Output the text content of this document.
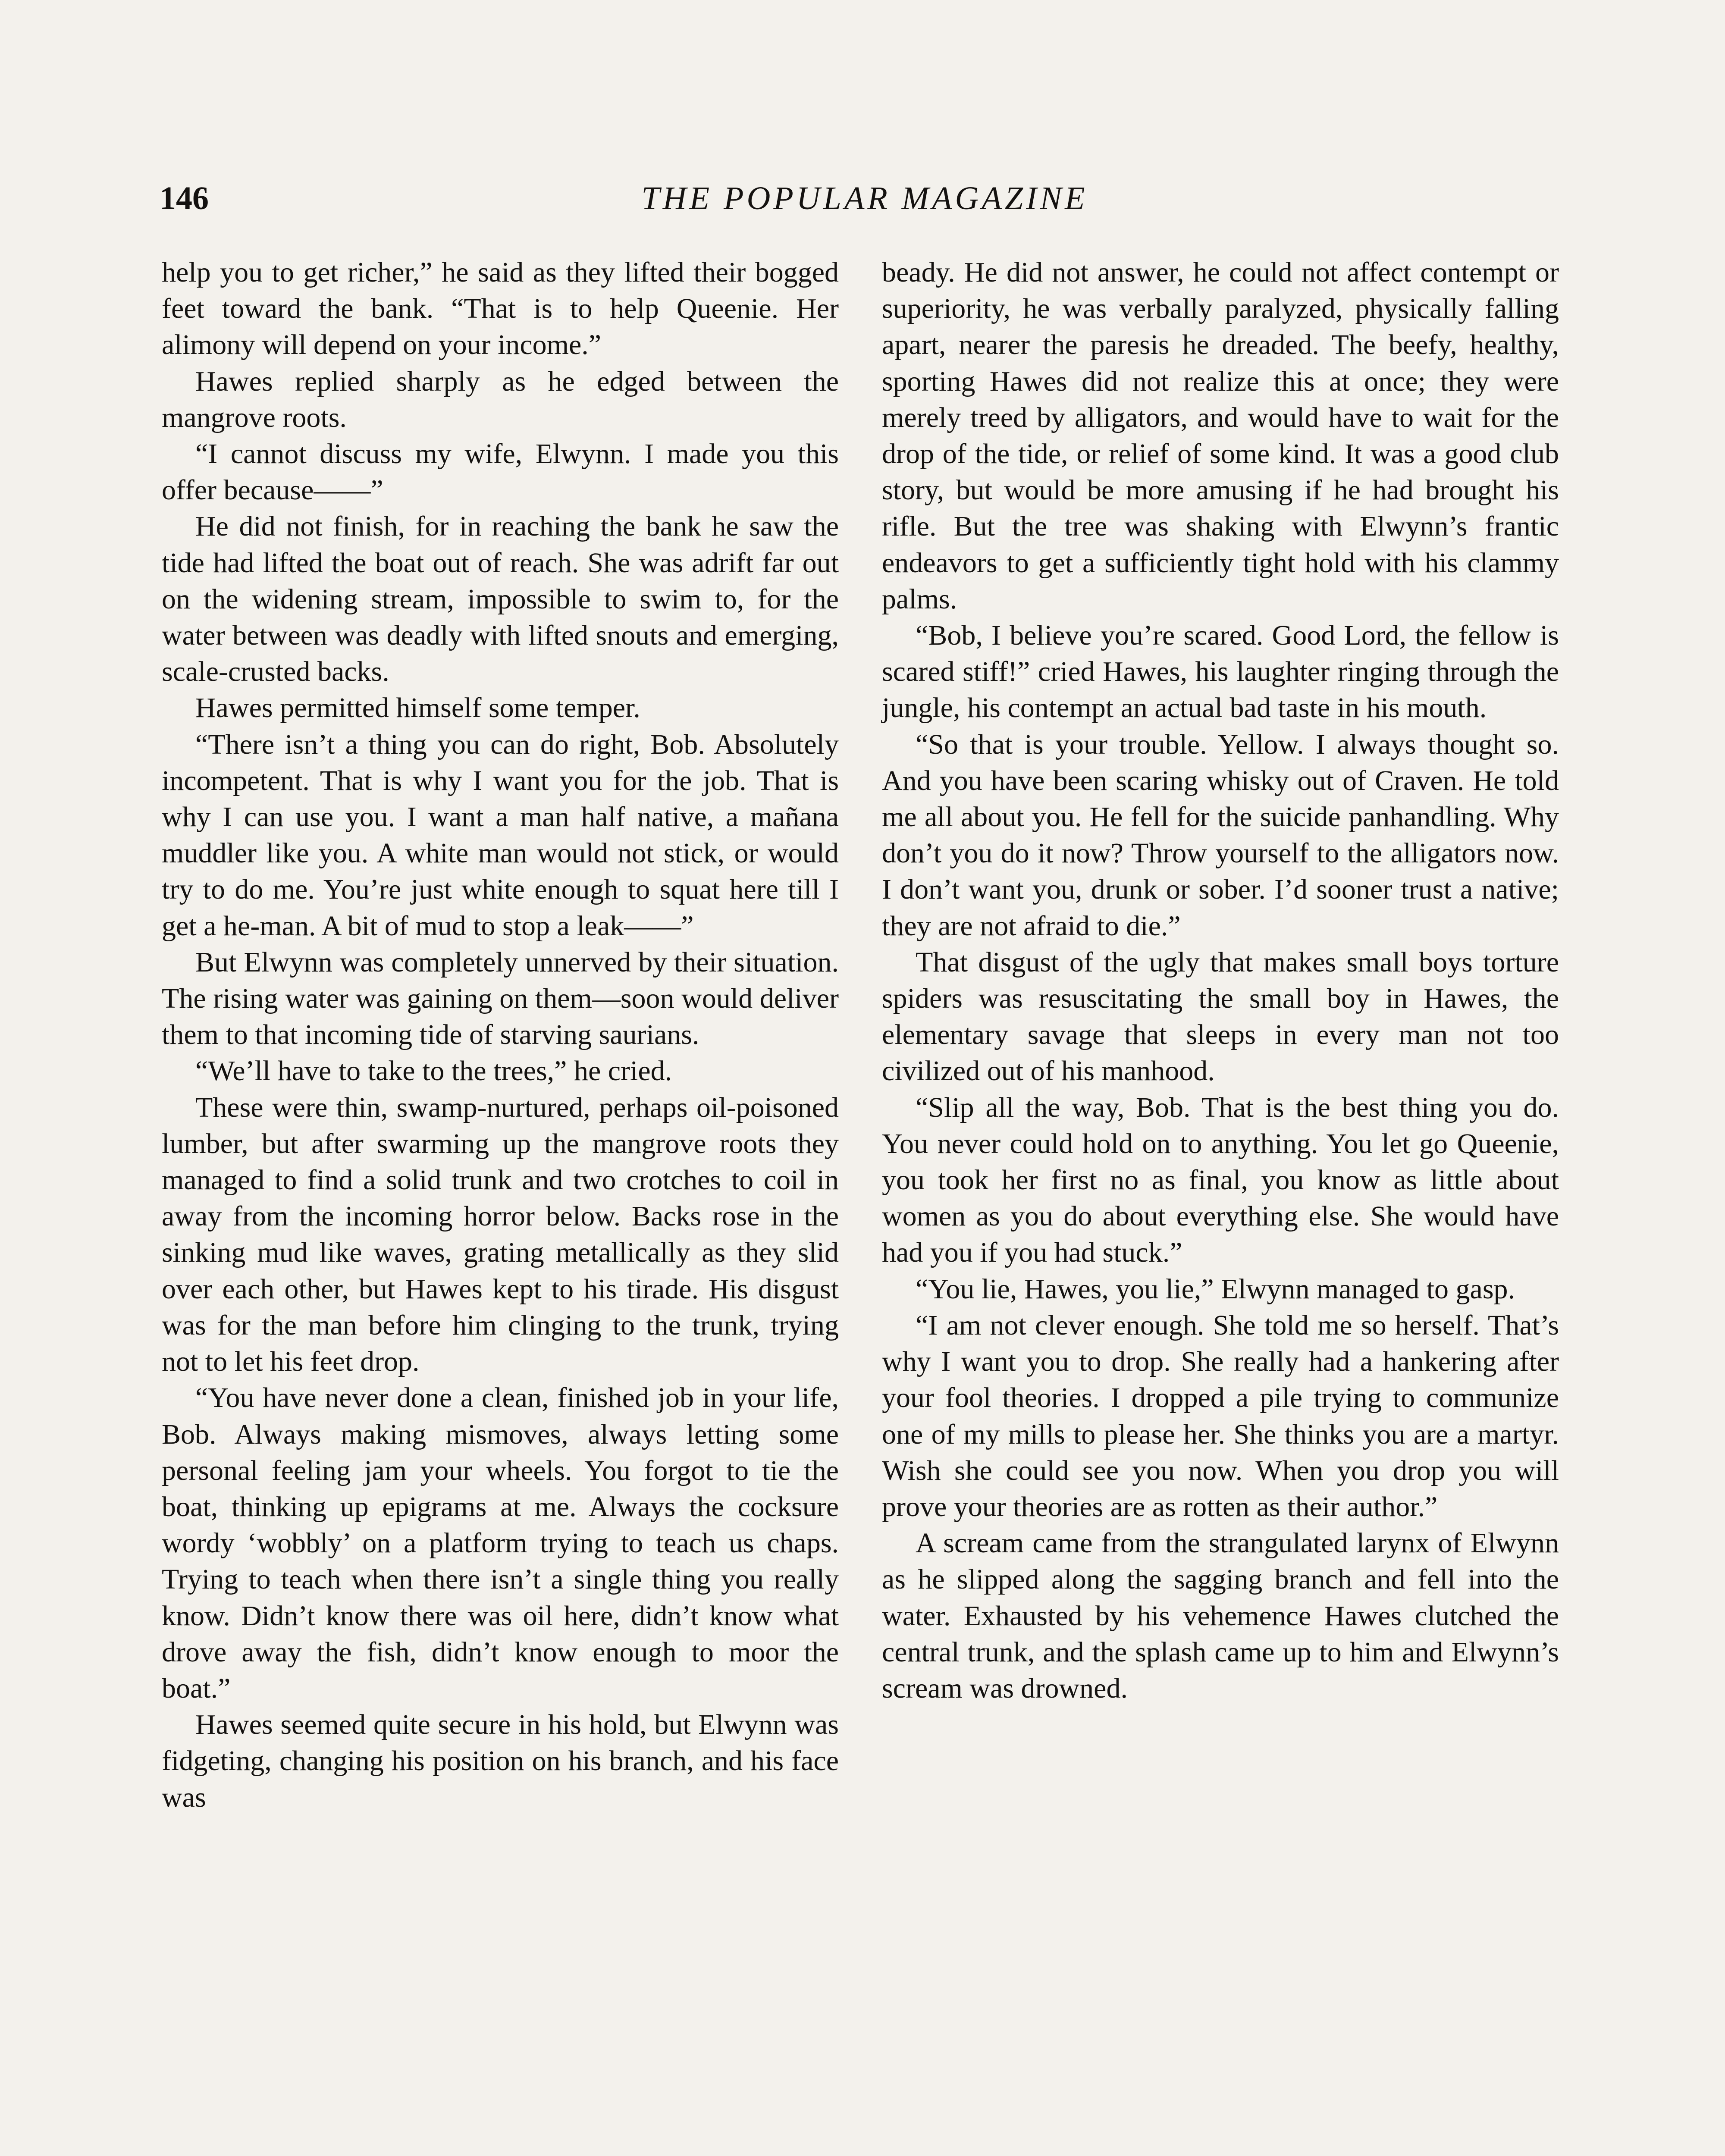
146	THE POPULAR MAGAZINE

help you to get richer,” he said as they lifted their bogged feet toward the bank. “That is to help Queenie. Her alimony will depend on your income.”

Hawes replied sharply as he edged between the mangrove roots.

“I cannot discuss my wife, Elwynn. I made you this offer because——”

He did not finish, for in reaching the bank he saw the tide had lifted the boat out of reach. She was adrift far out on the widening stream, impossible to swim to, for the water between was deadly with lifted snouts and emerging, scale-crusted backs.

Hawes permitted himself some temper.

“There isn’t a thing you can do right, Bob. Absolutely incompetent. That is why I want you for the job. That is why I can use you. I want a man half native, a mañana muddler like you. A white man would not stick, or would try to do me. You’re just white enough to squat here till I get a he-man. A bit of mud to stop a leak——”

But Elwynn was completely unnerved by their situation. The rising water was gaining on them—soon would deliver them to that incoming tide of starving saurians.

“We’ll have to take to the trees,” he cried.

These were thin, swamp-nurtured, perhaps oil-poisoned lumber, but after swarming up the mangrove roots they managed to find a solid trunk and two crotches to coil in away from the incoming horror below. Backs rose in the sinking mud like waves, grating metallically as they slid over each other, but Hawes kept to his tirade. His disgust was for the man before him clinging to the trunk, trying not to let his feet drop.

“You have never done a clean, finished job in your life, Bob. Always making mismoves, always letting some personal feeling jam your wheels. You forgot to tie the boat, thinking up epigrams at me. Always the cocksure wordy ‘wobbly’ on a platform trying to teach us chaps. Trying to teach when there isn’t a single thing you really know. Didn’t know there was oil here, didn’t know what drove away the fish, didn’t know enough to moor the boat.”

Hawes seemed quite secure in his hold, but Elwynn was fidgeting, changing his position on his branch, and his face was

beady. He did not answer, he could not affect contempt or superiority, he was verbally paralyzed, physically falling apart, nearer the paresis he dreaded. The beefy, healthy, sporting Hawes did not realize this at once; they were merely treed by alligators, and would have to wait for the drop of the tide, or relief of some kind. It was a good club story, but would be more amusing if he had brought his rifle. But the tree was shaking with Elwynn’s frantic endeavors to get a sufficiently tight hold with his clammy palms.

“Bob, I believe you’re scared. Good Lord, the fellow is scared stiff!” cried Hawes, his laughter ringing through the jungle, his contempt an actual bad taste in his mouth.

“So that is your trouble. Yellow. I always thought so. And you have been scaring whisky out of Craven. He told me all about you. He fell for the suicide panhandling. Why don’t you do it now? Throw yourself to the alligators now. I don’t want you, drunk or sober. I’d sooner trust a native; they are not afraid to die.”

That disgust of the ugly that makes small boys torture spiders was resuscitating the small boy in Hawes, the elementary savage that sleeps in every man not too civilized out of his manhood.

“Slip all the way, Bob. That is the best thing you do. You never could hold on to anything. You let go Queenie, you took her first no as final, you know as little about women as you do about everything else. She would have had you if you had stuck.”

“You lie, Hawes, you lie,” Elwynn managed to gasp.

“I am not clever enough. She told me so herself. That’s why I want you to drop. She really had a hankering after your fool theories. I dropped a pile trying to communize one of my mills to please her. She thinks you are a martyr. Wish she could see you now. When you drop you will prove your theories are as rotten as their author.”

A scream came from the strangulated larynx of Elwynn as he slipped along the sagging branch and fell into the water. Exhausted by his vehemence Hawes clutched the central trunk, and the splash came up to him and Elwynn’s scream was drowned.
